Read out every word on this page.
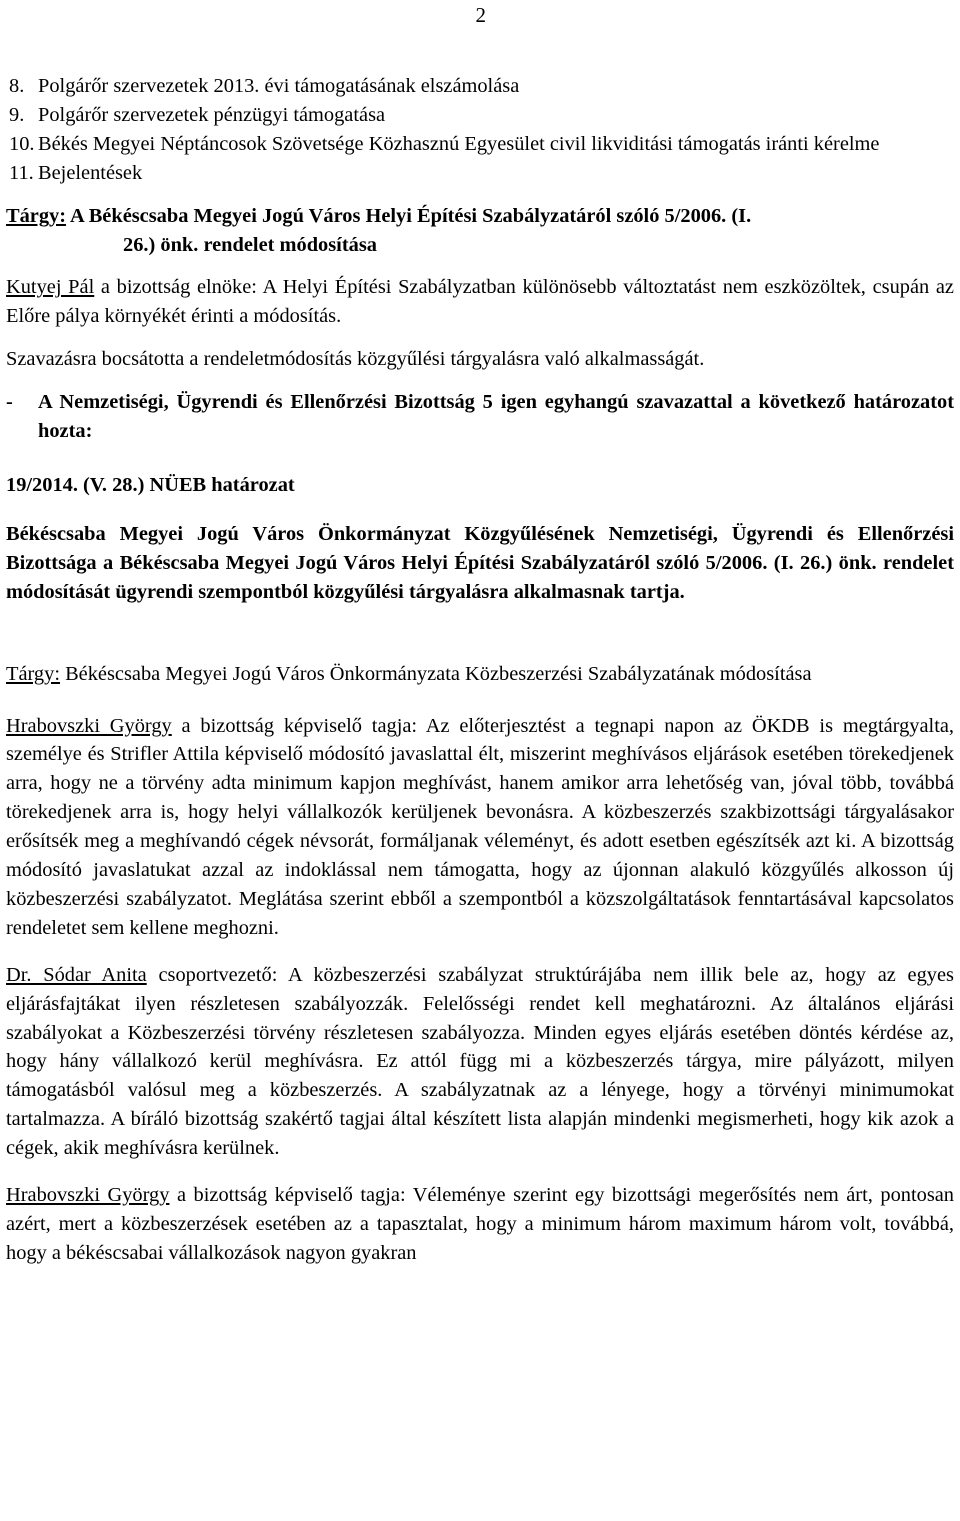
2
8. Polgárőr szervezetek 2013. évi támogatásának elszámolása
9. Polgárőr szervezetek pénzügyi támogatása
10. Békés Megyei Néptáncosok Szövetsége Közhasznú Egyesület civil likviditási támogatás iránti kérelme
11. Bejelentések

Tárgy: A Békéscsaba Megyei Jogú Város Helyi Építési Szabályzatáról szóló 5/2006. (I.

26.) önk. rendelet módosítása

Kutyej Pál a bizottság elnöke: A Helyi Építési Szabályzatban különösebb változtatást nem eszközöltek, csupán az Előre pálya környékét érinti a módosítás.

Szavazásra bocsátotta a rendeletmódosítás közgyűlési tárgyalásra való alkalmasságát.

-	A Nemzetiségi, Ügyrendi és Ellenőrzési Bizottság 5 igen egyhangú szavazattal a következő határozatot hozta:

19/2014. (V. 28.) NÜEB határozat

Békéscsaba Megyei Jogú Város Önkormányzat Közgyűlésének Nemzetiségi, Ügyrendi és Ellenőrzési Bizottsága a Békéscsaba Megyei Jogú Város Helyi Építési Szabályzatáról szóló 5/2006. (I. 26.) önk. rendelet módosítását ügyrendi szempontból közgyűlési tárgyalásra alkalmasnak tartja.

Tárgy: Békéscsaba Megyei Jogú Város Önkormányzata Közbeszerzési Szabályzatának módosítása

Hrabovszki György a bizottság képviselő tagja: Az előterjesztést a tegnapi napon az ÖKDB is megtárgyalta, személye és Strifler Attila képviselő módosító javaslattal élt, miszerint meghívásos eljárások esetében törekedjenek arra, hogy ne a törvény adta minimum kapjon meghívást, hanem amikor arra lehetőség van, jóval több, továbbá törekedjenek arra is, hogy helyi vállalkozók kerüljenek bevonásra. A közbeszerzés szakbizottsági tárgyalásakor erősítsék meg a meghívandó cégek névsorát, formáljanak véleményt, és adott esetben egészítsék azt ki. A bizottság módosító javaslatukat azzal az indoklással nem támogatta, hogy az újonnan alakuló közgyűlés alkosson új közbeszerzési szabályzatot. Meglátása szerint ebből a szempontból a közszolgáltatások fenntartásával kapcsolatos rendeletet sem kellene meghozni.

Dr. Sódar Anita csoportvezető: A közbeszerzési szabályzat struktúrájába nem illik bele az, hogy az egyes eljárásfajtákat ilyen részletesen szabályozzák. Felelősségi rendet kell meghatározni. Az általános eljárási szabályokat a Közbeszerzési törvény részletesen szabályozza. Minden egyes eljárás esetében döntés kérdése az, hogy hány vállalkozó kerül meghívásra. Ez attól függ mi a közbeszerzés tárgya, mire pályázott, milyen támogatásból valósul meg a közbeszerzés. A szabályzatnak az a lényege, hogy a törvényi minimumokat tartalmazza. A bíráló bizottság szakértő tagjai által készített lista alapján mindenki megismerheti, hogy kik azok a cégek, akik meghívásra kerülnek.

Hrabovszki György a bizottság képviselő tagja: Véleménye szerint egy bizottsági megerősítés nem árt, pontosan azért, mert a közbeszerzések esetében az a tapasztalat, hogy a minimum három maximum három volt, továbbá, hogy a békéscsabai vállalkozások nagyon gyakran
